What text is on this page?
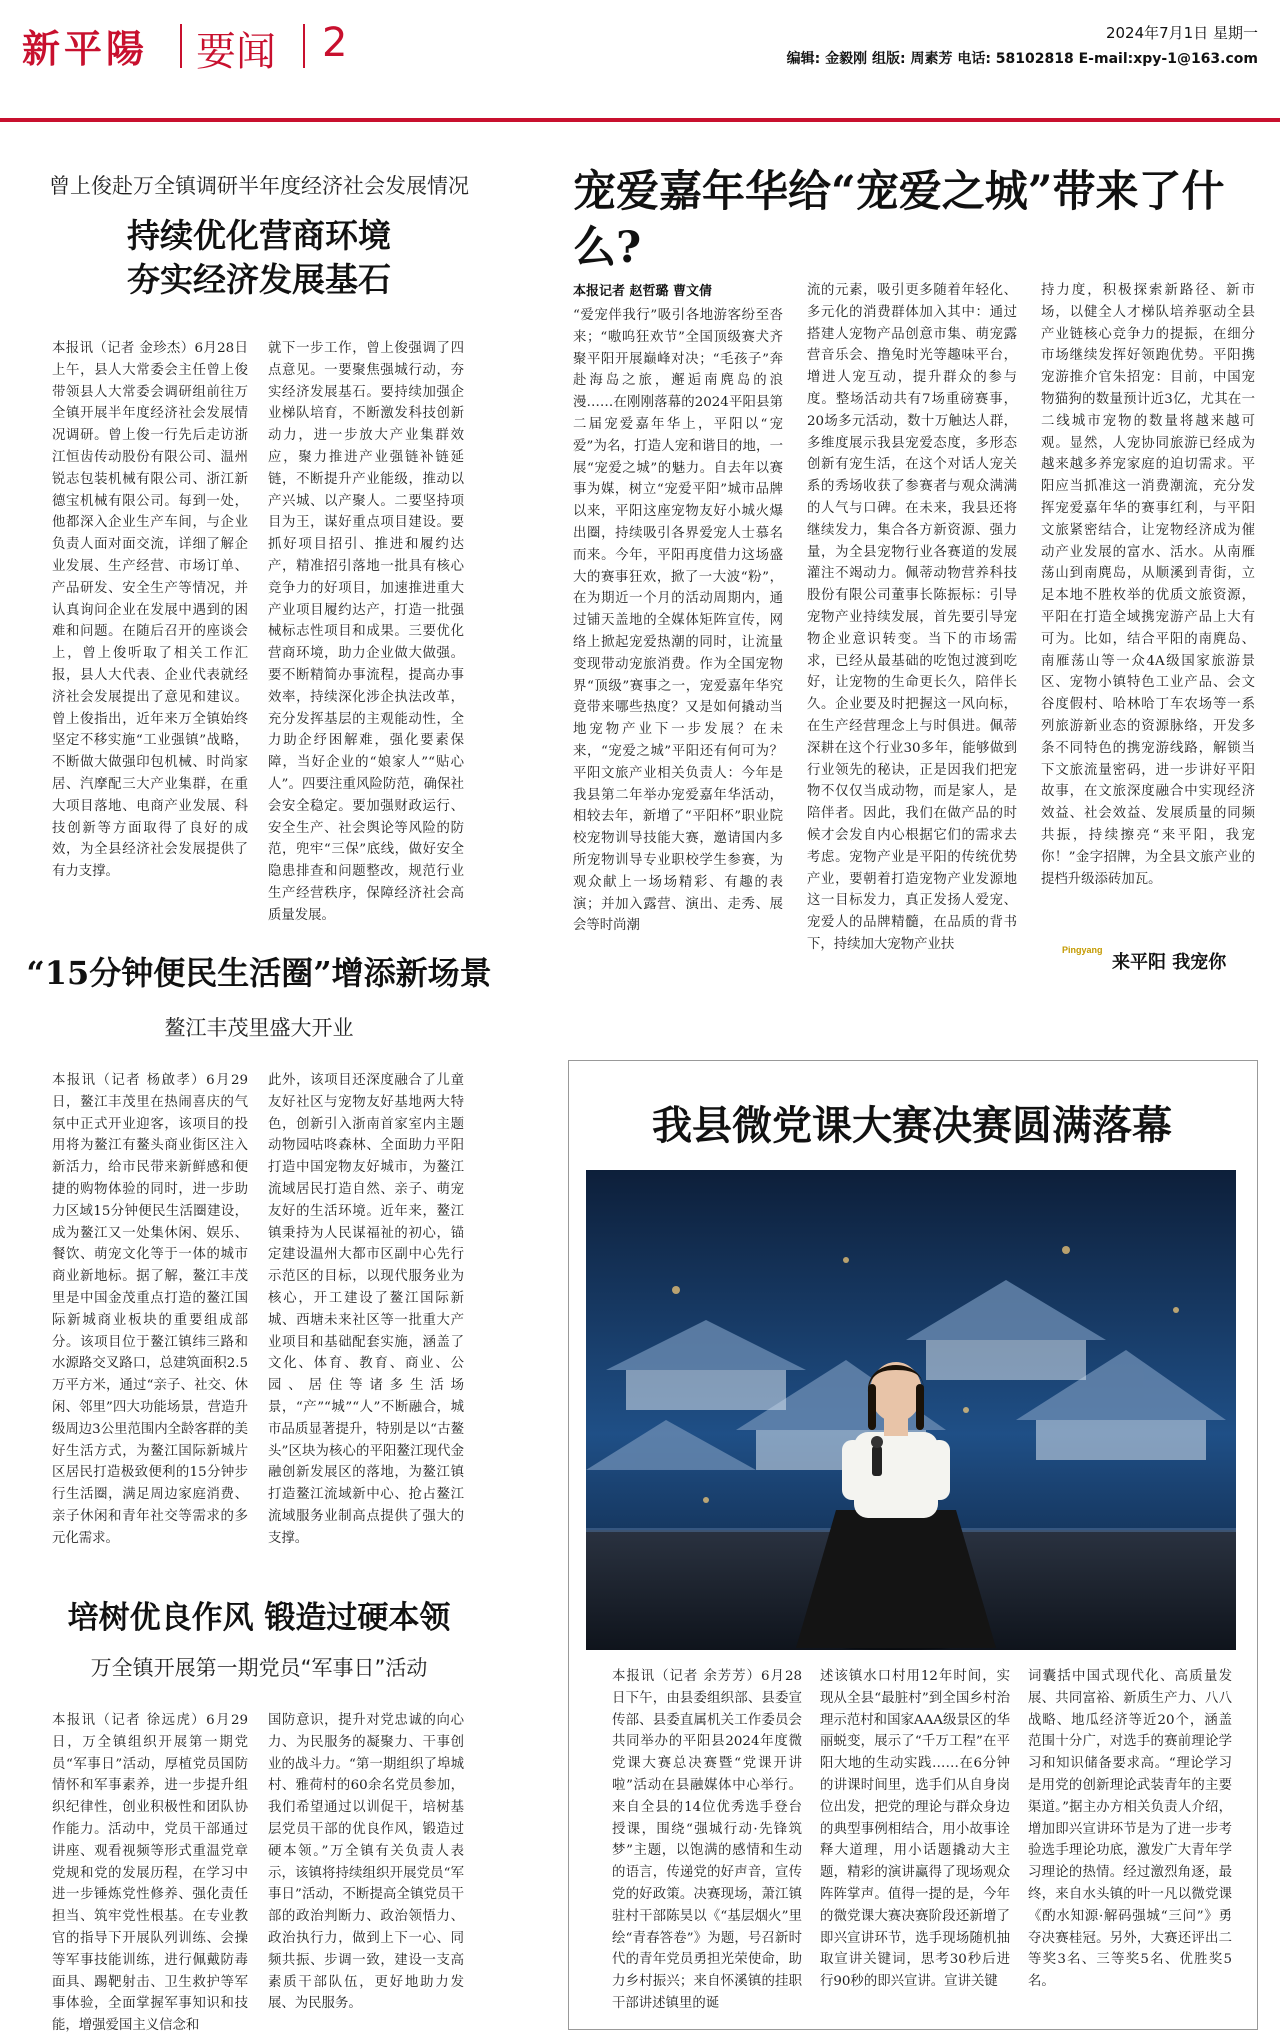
新平陽 要闻 2	2024年7月1日 星期一
编辑: 金毅刚 组版: 周素芳 电话: 58102818 E-mail:xpy-1@163.com
曾上俊赴万全镇调研半年度经济社会发展情况
持续优化营商环境
夯实经济发展基石
本报讯（记者 金珍杰）6月28日上午，县人大常委会主任曾上俊带领县人大常委会调研组前往万全镇开展半年度经济社会发展情况调研。曾上俊一行先后走访浙江恒齿传动股份有限公司、温州锐志包装机械有限公司、浙江新德宝机械有限公司。每到一处，他都深入企业生产车间，与企业负责人面对面交流，详细了解企业发展、生产经营、市场订单、产品研发、安全生产等情况，并认真询问企业在发展中遇到的困难和问题。在随后召开的座谈会上，曾上俊听取了相关工作汇报，县人大代表、企业代表就经济社会发展提出了意见和建议。曾上俊指出，近年来万全镇始终坚定不移实施“工业强镇”战略，不断做大做强印包机械、时尚家居、汽摩配三大产业集群，在重大项目落地、电商产业发展、科技创新等方面取得了良好的成效，为全县经济社会发展提供了有力支撑。
就下一步工作，曾上俊强调了四点意见。一要聚焦强城行动，夯实经济发展基石。要持续加强企业梯队培育，不断激发科技创新动力，进一步放大产业集群效应，聚力推进产业强链补链延链，不断提升产业能级，推动以产兴城、以产聚人。二要坚持项目为王，谋好重点项目建设。要抓好项目招引、推进和履约达产，精准招引落地一批具有核心竞争力的好项目，加速推进重大产业项目履约达产，打造一批强械标志性项目和成果。三要优化营商环境，助力企业做大做强。要不断精简办事流程，提高办事效率，持续深化涉企执法改革，充分发挥基层的主观能动性，全力助企纾困解难，强化要素保障，当好企业的“娘家人”“贴心人”。四要注重风险防范，确保社会安全稳定。要加强财政运行、安全生产、社会舆论等风险的防范，兜牢“三保”底线，做好安全隐患排查和问题整改，规范行业生产经营秩序，保障经济社会高质量发展。
宠爱嘉年华给“宠爱之城”带来了什么?
本报记者 赵哲璐 曹文倩
“爱宠伴我行”吸引各地游客纷至沓来；“嗷呜狂欢节”全国顶级赛犬齐聚平阳开展巅峰对决；“毛孩子”奔赴海岛之旅，邂逅南麂岛的浪漫……在刚刚落幕的2024平阳县第二届宠爱嘉年华上，平阳以“宠爱”为名，打造人宠和谐目的地，一展“宠爱之城”的魅力。自去年以赛事为媒，树立“宠爱平阳”城市品牌以来，平阳这座宠物友好小城火爆出圈，持续吸引各界爱宠人士慕名而来。今年，平阳再度借力这场盛大的赛事狂欢，掀了一大波“粉”，在为期近一个月的活动周期内，通过铺天盖地的全媒体矩阵宣传，网络上掀起宠爱热潮的同时，让流量变现带动宠旅消费。作为全国宠物界“顶级”赛事之一，宠爱嘉年华究竟带来哪些热度？又是如何撬动当地宠物产业下一步发展？在未来，“宠爱之城”平阳还有何可为？平阳文旅产业相关负责人：今年是我县第二年举办宠爱嘉年华活动，相较去年，新增了“平阳杯”职业院校宠物训导技能大赛，邀请国内多所宠物训导专业职校学生参赛，为观众献上一场场精彩、有趣的表演；并加入露营、演出、走秀、展会等时尚潮
流的元素，吸引更多随着年轻化、多元化的消费群体加入其中：通过搭建人宠物产品创意市集、萌宠露营音乐会、撸兔时光等趣味平台，增进人宠互动，提升群众的参与度。整场活动共有7场重磅赛事，20场多元活动，数十万触达人群，多维度展示我县宠爱态度，多形态创新有宠生活，在这个对话人宠关系的秀场收获了参赛者与观众满满的人气与口碑。在未来，我县还将继续发力，集合各方新资源、强力量，为全县宠物行业各赛道的发展灌注不竭动力。佩蒂动物营养科技股份有限公司董事长陈振标：引导宠物产业持续发展，首先要引导宠物企业意识转变。当下的市场需求，已经从最基础的吃饱过渡到吃好，让宠物的生命更长久，陪伴长久。企业要及时把握这一风向标，在生产经营理念上与时俱进。佩蒂深耕在这个行业30多年，能够做到行业领先的秘诀，正是因我们把宠物不仅仅当成动物，而是家人，是陪伴者。因此，我们在做产品的时候才会发自内心根据它们的需求去考虑。宠物产业是平阳的传统优势产业，要朝着打造宠物产业发源地这一目标发力，真正发扬人爱宠、宠爱人的品牌精髓，在品质的背书下，持续加大宠物产业扶
持力度，积极探索新路径、新市场，以健全人才梯队培养驱动全县产业链核心竞争力的提振，在细分市场继续发挥好领跑优势。平阳携宠游推介官朱招宠：目前，中国宠物猫狗的数量预计近3亿，尤其在一二线城市宠物的数量将越来越可观。显然，人宠协同旅游已经成为越来越多养宠家庭的迫切需求。平阳应当抓准这一消费潮流，充分发挥宠爱嘉年华的赛事红利，与平阳文旅紧密结合，让宠物经济成为催动产业发展的富水、活水。从南雁荡山到南麂岛，从顺溪到青街，立足本地不胜枚举的优质文旅资源，平阳在打造全域携宠游产品上大有可为。比如，结合平阳的南麂岛、南雁荡山等一众4A级国家旅游景区、宠物小镇特色工业产品、会文谷度假村、哈林哈丁车农场等一系列旅游新业态的资源脉络，开发多条不同特色的携宠游线路，解锁当下文旅流量密码，进一步讲好平阳故事，在文旅深度融合中实现经济效益、社会效益、发展质量的同频共振，持续擦亮“来平阳，我宠你！”金字招牌，为全县文旅产业的提档升级添砖加瓦。
Pingyang
来平阳 我宠你
“15分钟便民生活圈”增添新场景
鳌江丰茂里盛大开业
本报讯（记者 杨啟孝）6月29日，鳌江丰茂里在热闹喜庆的气氛中正式开业迎客，该项目的投用将为鳌江有鳌头商业街区注入新活力，给市民带来新鲜感和便捷的购物体验的同时，进一步助力区域15分钟便民生活圈建设，成为鳌江又一处集休闲、娱乐、餐饮、萌宠文化等于一体的城市商业新地标。据了解，鳌江丰茂里是中国金茂重点打造的鳌江国际新城商业板块的重要组成部分。该项目位于鳌江镇纬三路和水源路交叉路口，总建筑面积2.5万平方米，通过“亲子、社交、休闲、邻里”四大功能场景，营造升级周边3公里范围内全龄客群的美好生活方式，为鳌江国际新城片区居民打造极致便利的15分钟步行生活圈，满足周边家庭消费、亲子休闲和青年社交等需求的多元化需求。
此外，该项目还深度融合了儿童友好社区与宠物友好基地两大特色，创新引入浙南首家室内主题动物园咕咚森林、全面助力平阳打造中国宠物友好城市，为鳌江流域居民打造自然、亲子、萌宠友好的生活环境。近年来，鳌江镇秉持为人民谋福祉的初心，锚定建设温州大都市区副中心先行示范区的目标，以现代服务业为核心，开工建设了鳌江国际新城、西塘未来社区等一批重大产业项目和基础配套实施，涵盖了文化、体育、教育、商业、公园、居住等诸多生活场景，“产”“城”“人”不断融合，城市品质显著提升，特别是以“古鳌头”区块为核心的平阳鳌江现代金融创新发展区的落地，为鳌江镇打造鳌江流域新中心、抢占鳌江流域服务业制高点提供了强大的支撑。
我县微党课大赛决赛圆满落幕
本报讯（记者 余芳芳）6月28日下午，由县委组织部、县委宣传部、县委直属机关工作委员会共同举办的平阳县2024年度微党课大赛总决赛暨“党课开讲啦”活动在县融媒体中心举行。来自全县的14位优秀选手登台授课，围绕“强城行动·先锋筑梦”主题，以饱满的感情和生动的语言，传递党的好声音，宣传党的好政策。决赛现场，萧江镇驻村干部陈昊以《“基层烟火”里绘“青春答卷”》为题，号召新时代的青年党员勇担光荣使命，助力乡村振兴；来自怀溪镇的挂职干部讲述镇里的诞
述该镇水口村用12年时间，实现从全县“最脏村”到全国乡村治理示范村和国家AAA级景区的华丽蜕变，展示了“千万工程”在平阳大地的生动实践……在6分钟的讲课时间里，选手们从自身岗位出发，把党的理论与群众身边的典型事例相结合，用小故事诠释大道理，用小话题撬动大主题，精彩的演讲赢得了现场观众阵阵掌声。值得一提的是，今年的微党课大赛决赛阶段还新增了即兴宣讲环节，选手现场随机抽取宣讲关键词，思考30秒后进行90秒的即兴宣讲。宣讲关键
词囊括中国式现代化、高质量发展、共同富裕、新质生产力、八八战略、地瓜经济等近20个，涵盖范围十分广，对选手的赛前理论学习和知识储备要求高。“理论学习是用党的创新理论武装青年的主要渠道。”据主办方相关负责人介绍，增加即兴宣讲环节是为了进一步考验选手理论功底，激发广大青年学习理论的热情。经过激烈角逐，最终，来自水头镇的叶一凡以微党课《酌水知源·解码强城“三问”》勇夺决赛桂冠。另外，大赛还评出二等奖3名、三等奖5名、优胜奖5名。
培树优良作风 锻造过硬本领
万全镇开展第一期党员“军事日”活动
本报讯（记者 徐远虎）6月29日，万全镇组织开展第一期党员“军事日”活动，厚植党员国防情怀和军事素养，进一步提升组织纪律性，创业积极性和团队协作能力。活动中，党员干部通过讲座、观看视频等形式重温党章党规和党的发展历程，在学习中进一步锤炼党性修养、强化责任担当、筑牢党性根基。在专业教官的指导下开展队列训练、会操等军事技能训练，进行佩戴防毒面具、踢靶射击、卫生救护等军事体验，全面掌握军事知识和技能，增强爱国主义信念和
国防意识，提升对党忠诚的向心力、为民服务的凝聚力、干事创业的战斗力。“第一期组织了埠城村、雅荷村的60余名党员参加，我们希望通过以训促干，培树基层党员干部的优良作风，锻造过硬本领。”万全镇有关负责人表示，该镇将持续组织开展党员“军事日”活动，不断提高全镇党员干部的政治判断力、政治领悟力、政治执行力，做到上下一心、同频共振、步调一致，建设一支高素质干部队伍，更好地助力发展、为民服务。
